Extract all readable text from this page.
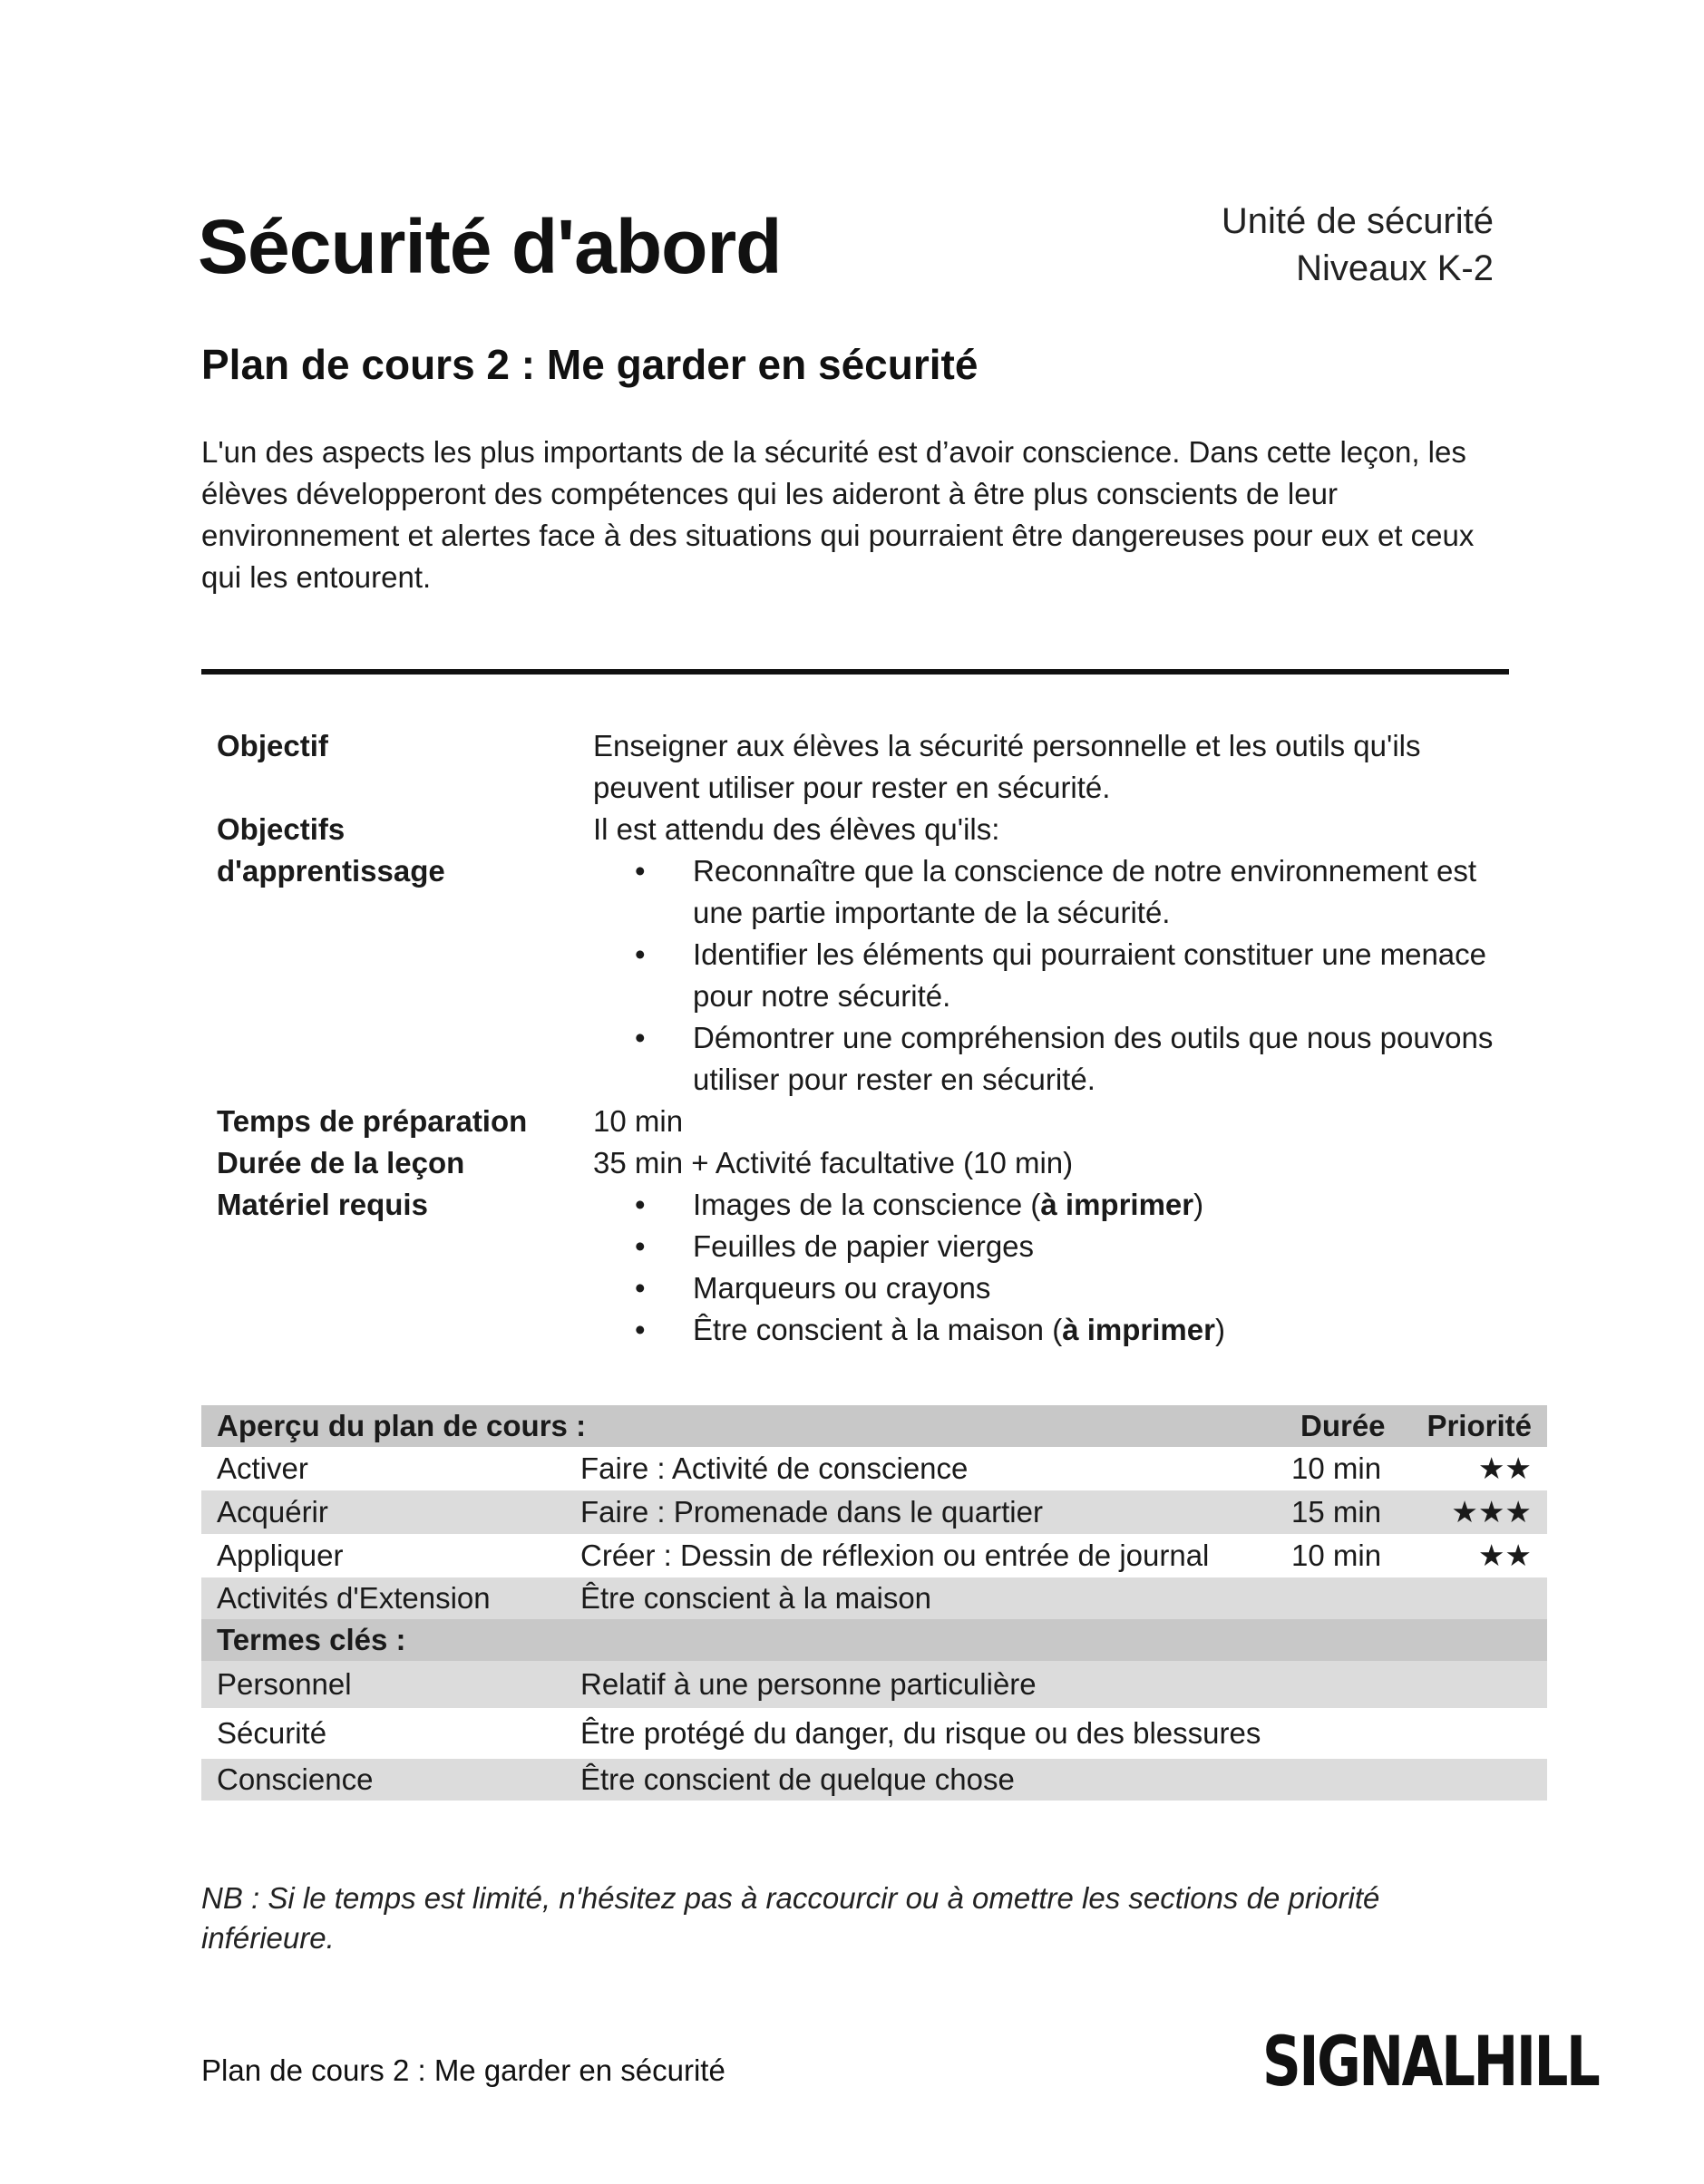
Sécurité d'abord	Unité de sécurité
Niveaux K-2
Plan de cours 2 : Me garder en sécurité
L'un des aspects les plus importants de la sécurité est d’avoir conscience. Dans cette leçon, les élèves développeront des compétences qui les aideront à être plus conscients de leur environnement et alertes face à des situations qui pourraient être dangereuses pour eux et ceux qui les entourent.
Objectif	Enseigner aux élèves la sécurité personnelle et les outils qu'ils peuvent utiliser pour rester en sécurité.
Objectifs
d'apprentissage
Il est attendu des élèves qu'ils:
• Reconnaître que la conscience de notre environnement est une partie importante de la sécurité.
• Identifier les éléments qui pourraient constituer une menace pour notre sécurité.
• Démontrer une compréhension des outils que nous pouvons utiliser pour rester en sécurité.
Temps de préparation 10 min
Durée de la leçon	35 min + Activité facultative (10 min)
Matériel requis
•	Images de la conscience (à imprimer)
• Feuilles de papier vierges
• Marqueurs ou crayons
• Être conscient à la maison (à imprimer)
Aperçu du plan de cours :	Durée Priorité
Activer	Faire : Activité de conscience	10 min	★★
Acquérir	Faire : Promenade dans le quartier	15 min ★★★
Appliquer	Créer : Dessin de réflexion ou entrée de journal	10 min	★★
Activités d'Extension	Être conscient à la maison
Termes clés :
Personnel	Relatif à une personne particulière
Sécurité	Être protégé du danger, du risque ou des blessures
Conscience	Être conscient de quelque chose
NB : Si le temps est limité, n'hésitez pas à raccourcir ou à omettre les sections de priorité inférieure.
Plan de cours 2 : Me garder en sécurité	SIGNALHILL
